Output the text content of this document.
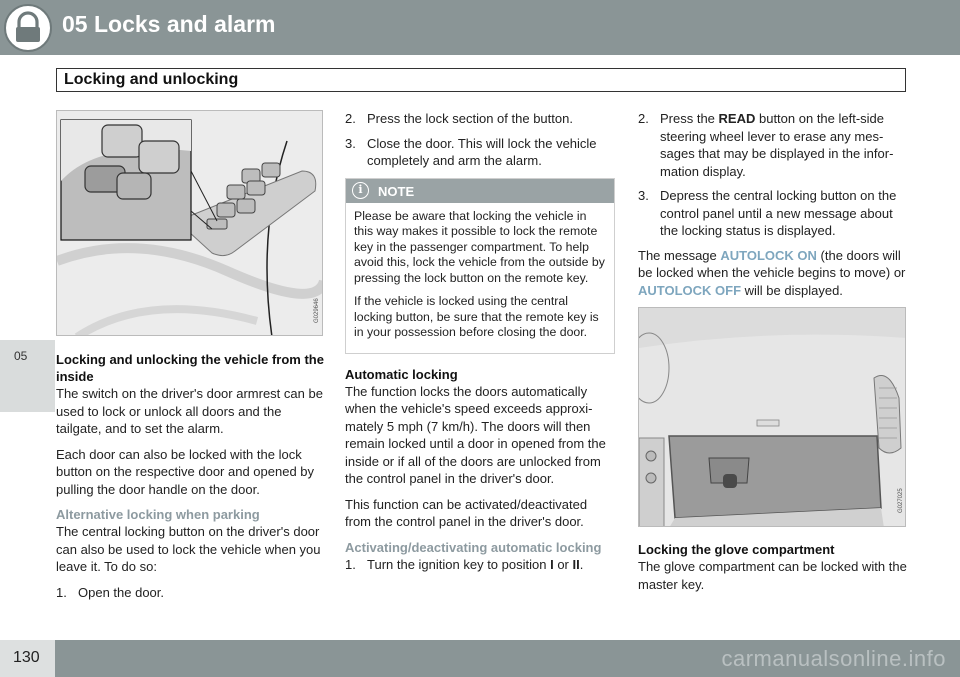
05 Locks and alarm
Locking and unlocking
05
G029646
Locking and unlocking the vehicle from the inside

The switch on the driver's door armrest can be used to lock or unlock all doors and the tailgate, and to set the alarm.

Each door can also be locked with the lock button on the respective door and opened by pulling the door handle on the door.

Alternative locking when parking

The central locking button on the driver's door can also be used to lock the vehicle when you leave it. To do so:

1. Open the door.
2. Press the lock section of the button.
3. Close the door. This will lock the vehicle completely and arm the alarm.
i	NOTE

Please be aware that locking the vehicle in this way makes it possible to lock the remote key in the passenger compartment. To help avoid this, lock the vehicle from the outside by pressing the lock button on the remote key.

If the vehicle is locked using the central locking button, be sure that the remote key is in your possession before closing the door.

Automatic locking

The function locks the doors automatically when the vehicle's speed exceeds approxi-mately 5 mph (7 km/h). The doors will then remain locked until a door in opened from the inside or if all of the doors are unlocked from the control panel in the driver's door.

This function can be activated/deactivated from the control panel in the driver's door.

Activating/deactivating automatic locking
1. Turn the ignition key to position I or II.
2. Press the READ button on the left-side steering wheel lever to erase any mes-sages that may be displayed in the infor-mation display.
3. Depress the central locking button on the control panel until a new message about the locking status is displayed.

The message AUTOLOCK ON (the doors will be locked when the vehicle begins to move) or AUTOLOCK OFF will be displayed.

G027025
Locking the glove compartment

The glove compartment can be locked with the master key.

130	carmanualsonline.info
